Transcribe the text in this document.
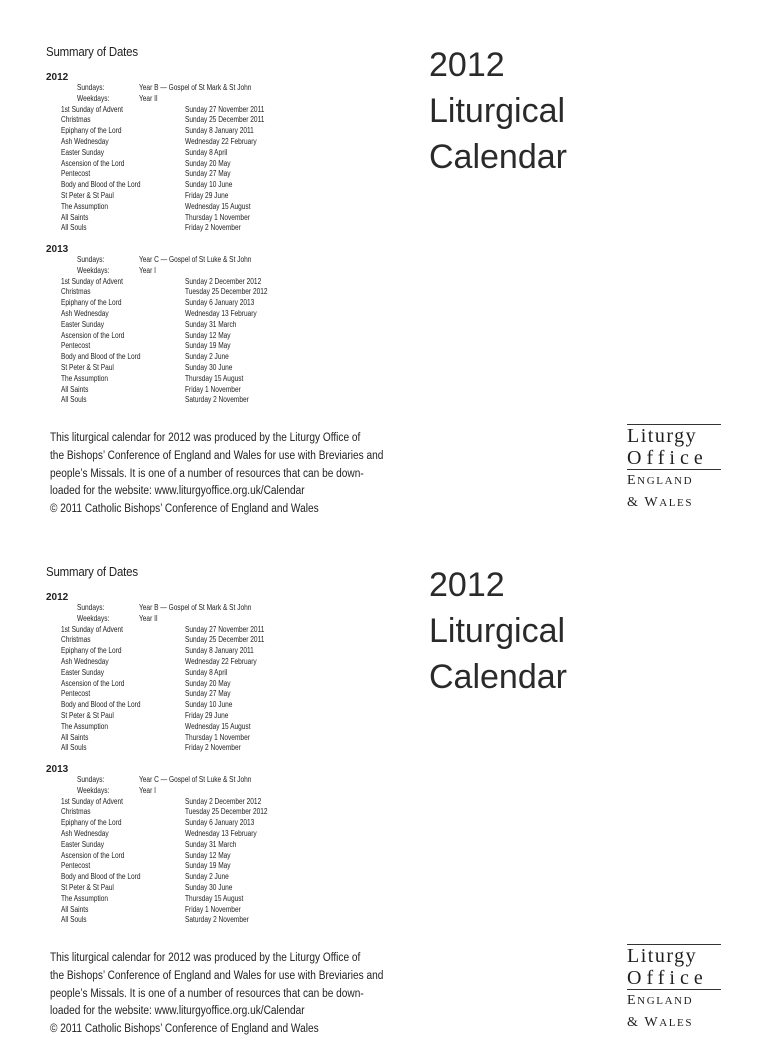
Summary of Dates
2012
Sundays:	Year B — Gospel of St Mark & St John
Weekdays:	Year II
1st Sunday of Advent	Sunday 27 November 2011
Christmas	Sunday 25 December 2011
Epiphany of the Lord	Sunday 8 January 2011
Ash Wednesday	Wednesday 22 February
Easter Sunday	Sunday 8 April
Ascension of the Lord	Sunday 20 May
Pentecost	Sunday 27 May
Body and Blood of the Lord	Sunday 10 June
St Peter & St Paul	Friday 29 June
The Assumption	Wednesday 15 August
All Saints	Thursday 1 November
All Souls	Friday 2 November
2013
Sundays:	Year C — Gospel of St Luke & St John
Weekdays:	Year I
1st Sunday of Advent	Sunday 2 December 2012
Christmas	Tuesday 25 December 2012
Epiphany of the Lord	Sunday 6 January 2013
Ash Wednesday	Wednesday 13 February
Easter Sunday	Sunday 31 March
Ascension of the Lord	Sunday 12 May
Pentecost	Sunday 19 May
Body and Blood of the Lord	Sunday 2 June
St Peter & St Paul	Sunday 30 June
The Assumption	Thursday 15 August
All Saints	Friday 1 November
All Souls	Saturday 2 November
This liturgical calendar for 2012 was produced by the Liturgy Office of
the Bishops’ Conference of England and Wales for use with Breviaries and
people’s Missals. It is one of a number of resources that can be down-
loaded for the website: www.liturgyoffice.org.uk/Calendar
© 2011 Catholic Bishops’ Conference of England and Wales
2012
Liturgical
Calendar
Liturgy
Office
ENGLAND
& WALES
Summary of Dates
2012
Sundays:	Year B — Gospel of St Mark & St John
Weekdays:	Year II
1st Sunday of Advent	Sunday 27 November 2011
Christmas	Sunday 25 December 2011
Epiphany of the Lord	Sunday 8 January 2011
Ash Wednesday	Wednesday 22 February
Easter Sunday	Sunday 8 April
Ascension of the Lord	Sunday 20 May
Pentecost	Sunday 27 May
Body and Blood of the Lord	Sunday 10 June
St Peter & St Paul	Friday 29 June
The Assumption	Wednesday 15 August
All Saints	Thursday 1 November
All Souls	Friday 2 November
2013
Sundays:	Year C — Gospel of St Luke & St John
Weekdays:	Year I
1st Sunday of Advent	Sunday 2 December 2012
Christmas	Tuesday 25 December 2012
Epiphany of the Lord	Sunday 6 January 2013
Ash Wednesday	Wednesday 13 February
Easter Sunday	Sunday 31 March
Ascension of the Lord	Sunday 12 May
Pentecost	Sunday 19 May
Body and Blood of the Lord	Sunday 2 June
St Peter & St Paul	Sunday 30 June
The Assumption	Thursday 15 August
All Saints	Friday 1 November
All Souls	Saturday 2 November
This liturgical calendar for 2012 was produced by the Liturgy Office of
the Bishops’ Conference of England and Wales for use with Breviaries and
people’s Missals. It is one of a number of resources that can be down-
loaded for the website: www.liturgyoffice.org.uk/Calendar
© 2011 Catholic Bishops’ Conference of England and Wales
2012
Liturgical
Calendar
Liturgy
Office
ENGLAND
& WALES
